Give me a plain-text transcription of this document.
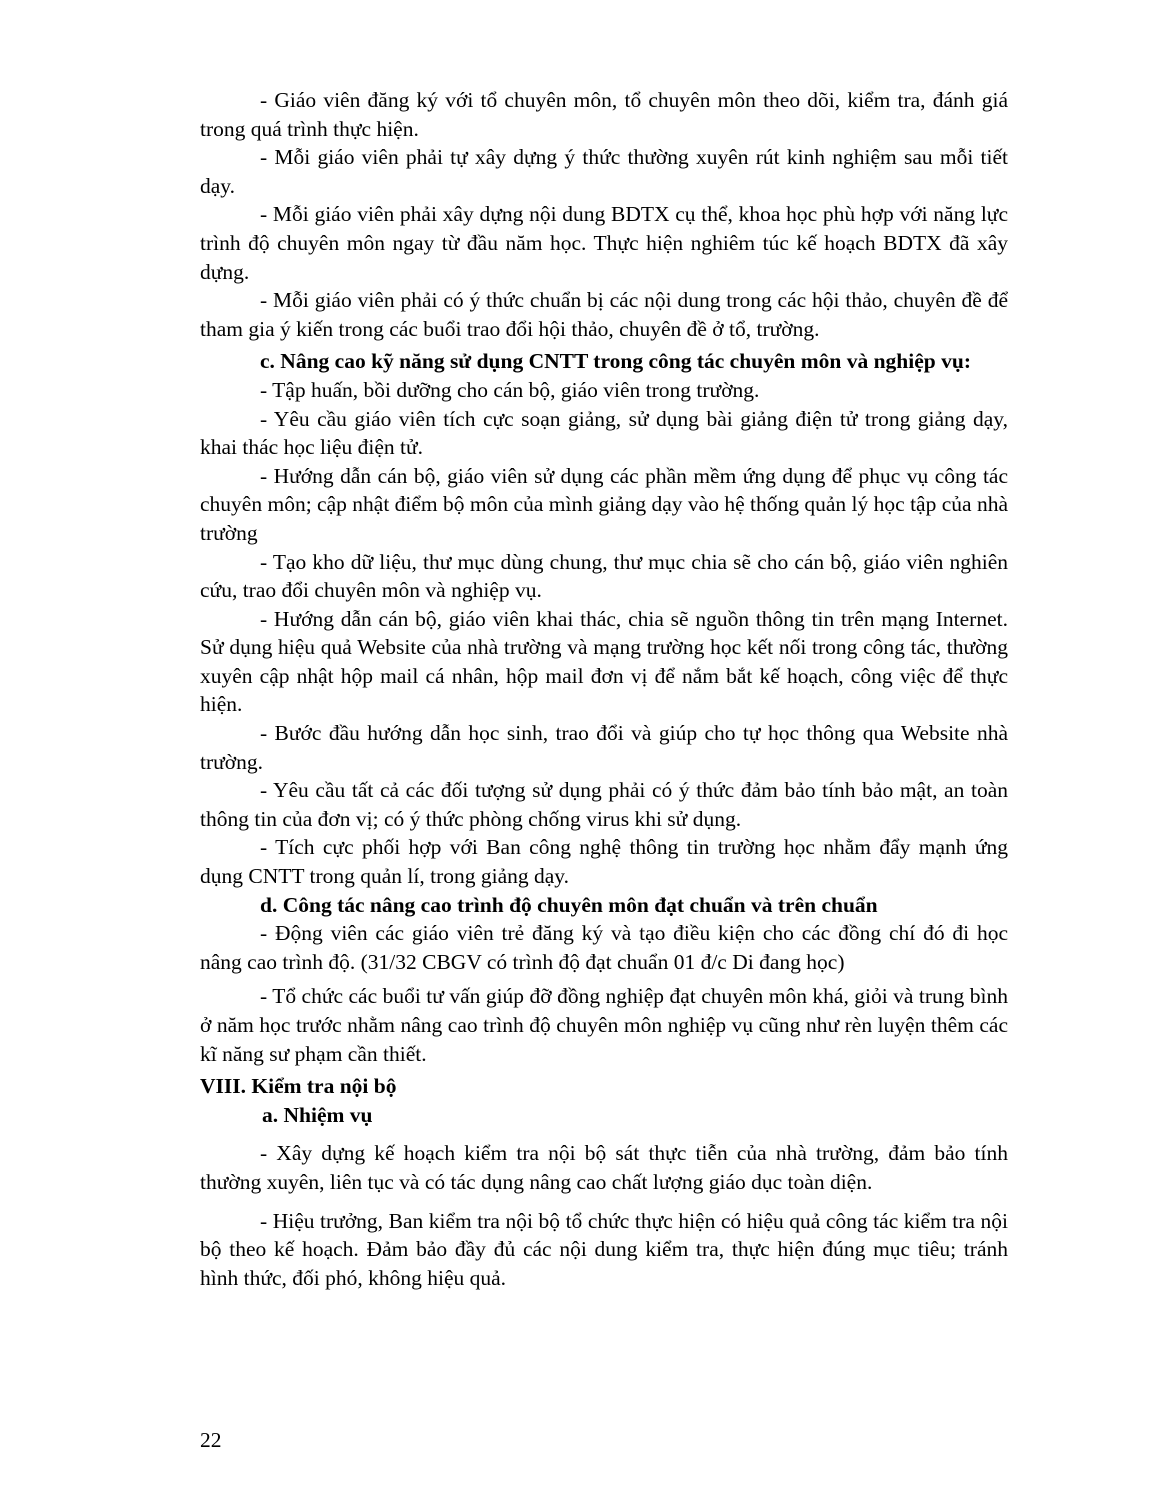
- Giáo viên đăng ký với tổ chuyên môn, tổ chuyên môn theo dõi, kiểm tra, đánh giá trong quá trình thực hiện.

- Mỗi giáo viên phải tự xây dựng ý thức thường xuyên rút kinh nghiệm sau mỗi tiết dạy.

- Mỗi giáo viên phải xây dựng nội dung BDTX cụ thể, khoa học phù hợp với năng lực trình độ chuyên môn ngay từ đầu năm học. Thực hiện nghiêm túc kế hoạch BDTX đã xây dựng.

- Mỗi giáo viên phải có ý thức chuẩn bị các nội dung trong các hội thảo, chuyên đề để tham gia ý kiến trong các buổi trao đổi hội thảo, chuyên đề ở tổ, trường.

c. Nâng cao kỹ năng sử dụng CNTT trong công tác chuyên môn và nghiệp vụ:

- Tập huấn, bồi dưỡng cho cán bộ, giáo viên trong trường.

- Yêu cầu giáo viên tích cực soạn giảng, sử dụng bài giảng điện tử trong giảng dạy, khai thác học liệu điện tử.

- Hướng dẫn cán bộ, giáo viên sử dụng các phần mềm ứng dụng để phục vụ công tác chuyên môn; cập nhật điểm bộ môn của mình giảng dạy vào hệ thống quản lý học tập của nhà trường

- Tạo kho dữ liệu, thư mục dùng chung, thư mục chia sẽ cho cán bộ, giáo viên nghiên cứu, trao đổi chuyên môn và nghiệp vụ.

- Hướng dẫn cán bộ, giáo viên khai thác, chia sẽ nguồn thông tin trên mạng Internet. Sử dụng hiệu quả Website của nhà trường và mạng trường học kết nối trong công tác, thường xuyên cập nhật hộp mail cá nhân, hộp mail đơn vị để nắm bắt kế hoạch, công việc để thực hiện.

- Bước đầu hướng dẫn học sinh, trao đổi và giúp cho tự học thông qua Website nhà trường.

- Yêu cầu tất cả các đối tượng sử dụng phải có ý thức đảm bảo tính bảo mật, an toàn thông tin của đơn vị; có ý thức phòng chống virus khi sử dụng.

- Tích cực phối hợp với Ban công nghệ thông tin trường học nhằm đẩy mạnh ứng dụng CNTT trong quản lí, trong giảng dạy.

d. Công tác nâng cao trình độ chuyên môn đạt chuẩn và trên chuẩn

- Động viên các giáo viên trẻ đăng ký và tạo điều kiện cho các đồng chí đó đi học nâng cao trình độ. (31/32 CBGV có trình độ đạt chuẩn 01 đ/c Di đang học)

- Tổ chức các buổi tư vấn giúp đỡ đồng nghiệp đạt chuyên môn khá, giỏi và trung bình ở năm học trước nhằm nâng cao trình độ chuyên môn nghiệp vụ cũng như rèn luyện thêm các kĩ năng sư phạm cần thiết.

VIII. Kiểm tra nội bộ

a. Nhiệm vụ

- Xây dựng kế hoạch kiểm tra nội bộ sát thực tiễn của nhà trường, đảm bảo tính thường xuyên, liên tục và có tác dụng nâng cao chất lượng giáo dục toàn diện.

- Hiệu trưởng, Ban kiểm tra nội bộ tổ chức thực hiện có hiệu quả công tác kiểm tra nội bộ theo kế hoạch. Đảm bảo đầy đủ các nội dung kiểm tra, thực hiện đúng mục tiêu; tránh hình thức, đối phó, không hiệu quả.

22
